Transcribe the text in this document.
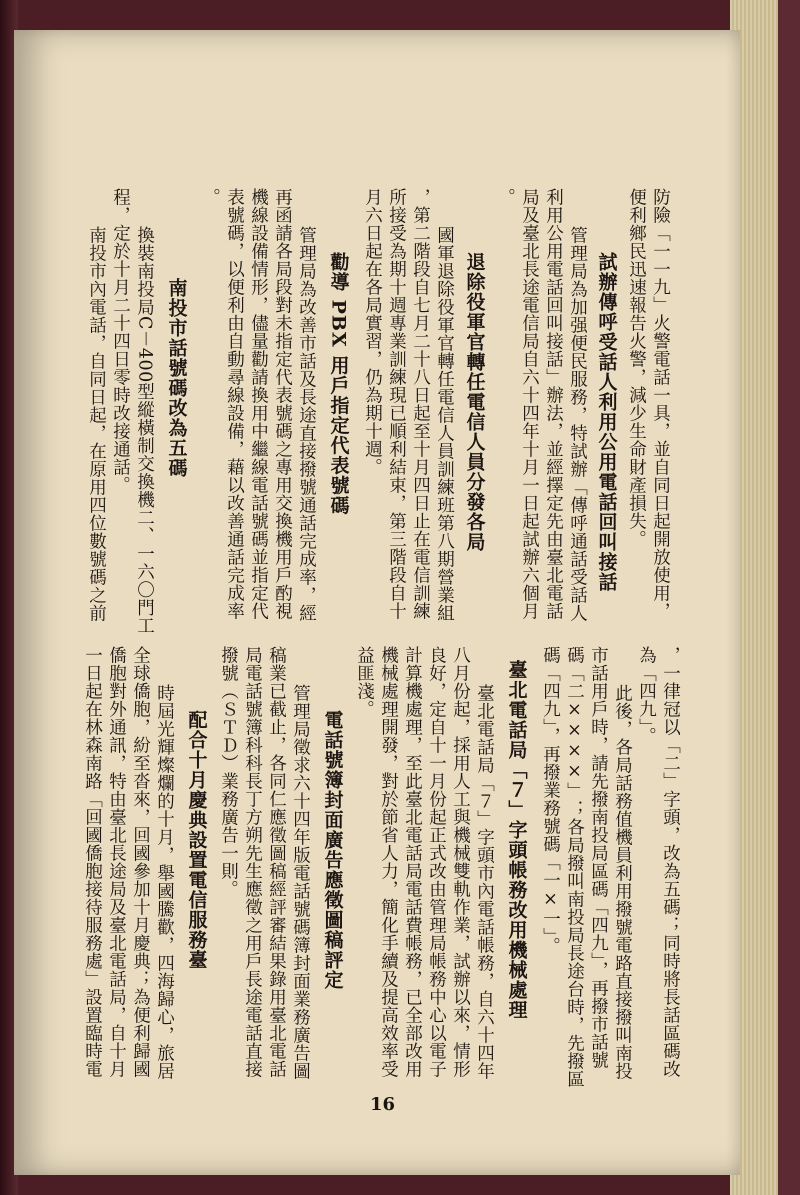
防險「一一九」火警電話一具，並自同日起開放使用，
便利鄉民迅速報告火警，減少生命財產損失。
試辦傳呼受話人利用公用電話回叫接話
管理局為加强便民服務，特試辦「傳呼通話受話人
利用公用電話回叫接話」辦法，並經擇定先由臺北電話
局及臺北長途電信局自六十四年十月一日起試辦六個月
。
退除役軍官轉任電信人員分發各局
國軍退除役軍官轉任電信人員訓練班第八期營業組
，第二階段自七月二十八日起至十月四日止在電信訓練
所接受為期十週專業訓練現已順利結束，第三階段自十
月六日起在各局實習，仍為期十週。
勸導 PBX 用戶指定代表號碼
管理局為改善市話及長途直接撥號通話完成率，經
再函請各局段對未指定代表號碼之專用交換機用戶酌視
機線設備情形，儘量勸請換用中繼線電話號碼並指定代
表號碼，以便利由自動尋線設備，藉以改善通話完成率
。
南投市話號碼改為五碼
換裝南投局C－400型縱橫制交換機二、一六〇門工
程，定於十月二十四日零時改接通話。
南投市內電話，自同日起，在原用四位數號碼之前
，一律冠以「二」字頭，改為五碼；同時將長話區碼改
為「四九」。
此後，各局話務值機員利用撥號電路直接撥叫南投
市話用戶時，請先撥南投局區碼「四九」，再撥市話號
碼「二××××」；各局撥叫南投局長途台時，先撥區
碼「四九」，再撥業務號碼「一×一」。
臺北電話局「７」字頭帳務改用機械處理
臺北電話局「７」字頭市內電話帳務，自六十四年
八月份起，採用人工與機械雙軌作業，試辦以來，情形
良好，定自十一月份起正式改由管理局帳務中心以電子
計算機處理，至此臺北電話局電話費帳務，已全部改用
機械處理開發，對於節省人力，簡化手續及提高效率受
益匪淺。
電話號簿封面廣告應徵圖稿評定
管理局徵求六十四年版電話號碼簿封面業務廣告圖
稿業已截止，各同仁應徵圖稿經評審結果錄用臺北電話
局電話號簿科科長丁方朔先生應徵之用戶長途電話直接
撥號（ＳＴＤ）業務廣告一則。
配合十月慶典設置電信服務臺
時屆光輝燦爛的十月，舉國騰歡，四海歸心，旅居
全球僑胞，紛至沓來，回國參加十月慶典；為便利歸國
僑胞對外通訊，特由臺北長途局及臺北電話局，自十月
一日起在林森南路「回國僑胞接待服務處」設置臨時電
16
